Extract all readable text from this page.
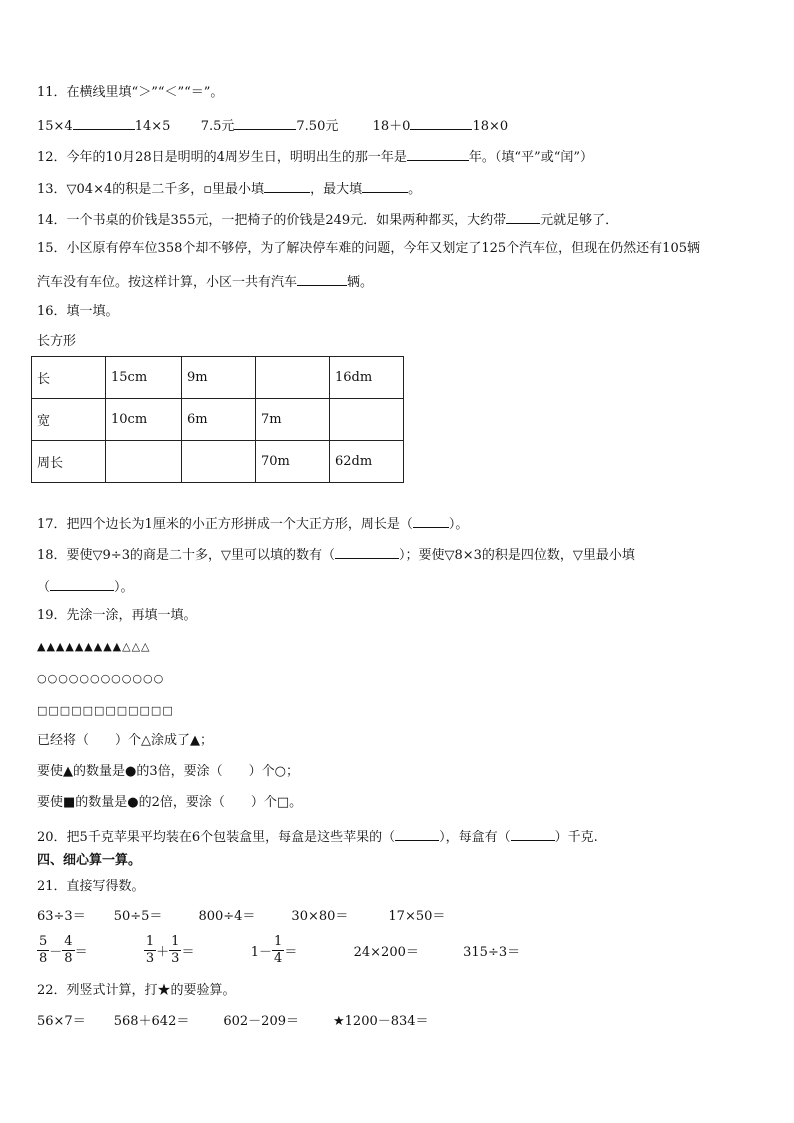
11．在横线里填“＞”“＜”“＝”。
15×4	14×5 7.5元	7.50元	18＋0	18×0
12．今年的10月28日是明明的4周岁生日，明明出生的那一年是	年。（填“平”或“闰”）
13．▽04×4的积是二千多，▫里最小填	，最大填	。
14．一个书桌的价钱是355元，一把椅子的价钱是249元．如果两种都买，大约带	元就足够了．
15．小区原有停车位358个却不够停，为了解决停车难的问题，今年又划定了125个汽车位，但现在仍然还有105辆
汽车没有车位。按这样计算，小区一共有汽车	辆。
16．填一填。
长方形
长	15cm	9m		16dm
宽	10cm	6m	7m	
周长			70m	62dm
17．把四个边长为1厘米的小正方形拼成一个大正方形，周长是（	）。
18．要使▽9÷3的商是二十多，▽里可以填的数有（	）；要使▽8×3的积是四位数，▽里最小填
（	）。
19．先涂一涂，再填一填。
▲▲▲▲▲▲▲▲▲△△△
○○○○○○○○○○○○
□□□□□□□□□□□□
已经将（　　）个△涂成了▲；
要使▲的数量是●的3倍，要涂（　　）个○；
要使■的数量是●的2倍，要涂（　　）个□。
20．把5千克苹果平均装在6个包装盒里，每盒是这些苹果的（	），每盒有（	）千克.
四、细心算一算。
21．直接写得数。
63÷3＝ 50÷5＝	800÷4＝	30×80＝	17×50＝
$\frac{5}{8} - \frac{4}{8}$ ＝	$\frac{1}{3} + \frac{1}{3}$ ＝	$1- \frac{1}{4}$ ＝	24×200＝	315÷3＝
22．列竖式计算，打★的要验算。
56×7＝ 568＋642＝	602－209＝	★1200－834＝
